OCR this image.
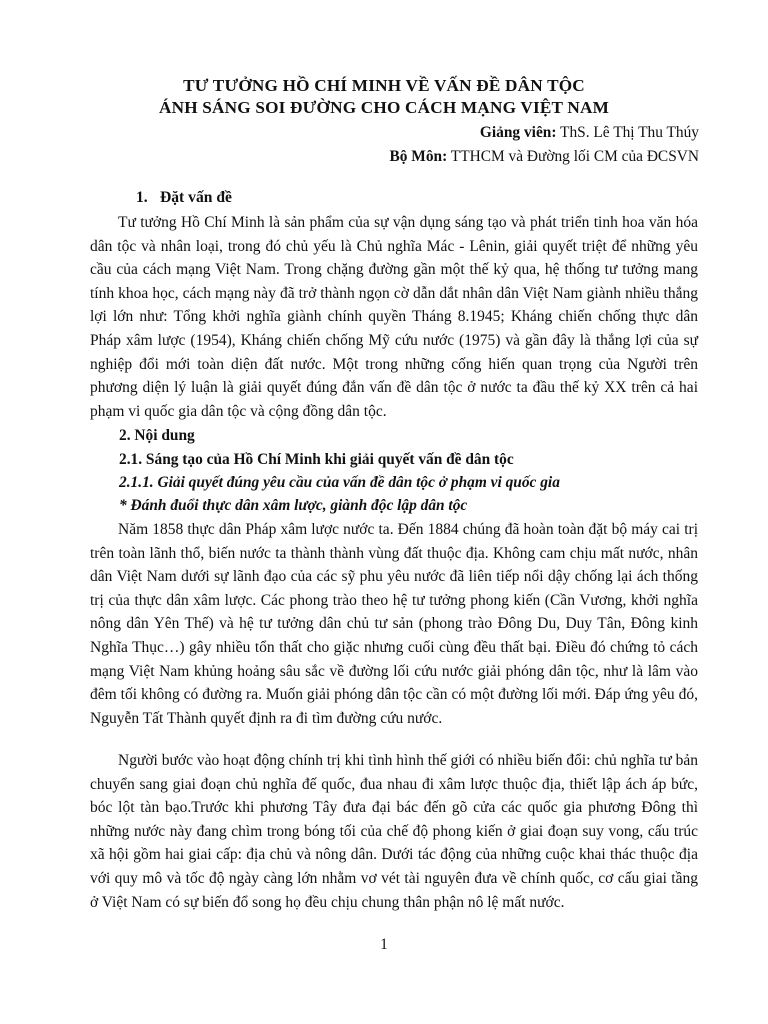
TƯ TƯỞNG HỒ CHÍ MINH VỀ VẤN ĐỀ DÂN TỘC
ÁNH SÁNG SOI ĐƯỜNG CHO CÁCH MẠNG VIỆT NAM
Giảng viên: ThS. Lê Thị Thu Thúy
Bộ Môn: TTHCM và Đường lối CM của ĐCSVN
1. Đặt vấn đề

Tư tưởng Hồ Chí Minh là sản phẩm của sự vận dụng sáng tạo và phát triển tinh hoa văn hóa dân tộc và nhân loại, trong đó chủ yếu là Chủ nghĩa Mác - Lênin, giải quyết triệt để những yêu cầu của cách mạng Việt Nam. Trong chặng đường gần một thế kỷ qua, hệ thống tư tưởng mang tính khoa học, cách mạng này đã trở thành ngọn cờ dẫn dắt nhân dân Việt Nam giành nhiều thắng lợi lớn như: Tổng khởi nghĩa giành chính quyền Tháng 8.1945; Kháng chiến chống thực dân Pháp xâm lược (1954), Kháng chiến chống Mỹ cứu nước (1975) và gần đây là thắng lợi của sự nghiệp đổi mới toàn diện đất nước. Một trong những cống hiến quan trọng của Người trên phương diện lý luận là giải quyết đúng đắn vấn đề dân tộc ở nước ta đầu thế kỷ XX trên cả hai phạm vi quốc gia dân tộc và cộng đồng dân tộc.

2. Nội dung
2.1. Sáng tạo của Hồ Chí Minh khi giải quyết vấn đề dân tộc
2.1.1. Giải quyết đúng yêu cầu của vấn đề dân tộc ở phạm vi quốc gia
* Đánh đuổi thực dân xâm lược, giành độc lập dân tộc

Năm 1858 thực dân Pháp xâm lược nước ta. Đến 1884 chúng đã hoàn toàn đặt bộ máy cai trị trên toàn lãnh thổ, biến nước ta thành thành vùng đất thuộc địa. Không cam chịu mất nước, nhân dân Việt Nam dưới sự lãnh đạo của các sỹ phu yêu nước đã liên tiếp nổi dậy chống lại ách thống trị của thực dân xâm lược. Các phong trào theo hệ tư tưởng phong kiến (Cần Vương, khởi nghĩa nông dân Yên Thế) và hệ tư tưởng dân chủ tư sản (phong trào Đông Du, Duy Tân, Đông kinh Nghĩa Thục…) gây nhiều tổn thất cho giặc nhưng cuối cùng đều thất bại. Điều đó chứng tỏ cách mạng Việt Nam khủng hoảng sâu sắc về đường lối cứu nước giải phóng dân tộc, như là lâm vào đêm tối không có đường ra. Muốn giải phóng dân tộc cần có một đường lối mới. Đáp ứng yêu đó, Nguyễn Tất Thành quyết định ra đi tìm đường cứu nước.

Người bước vào hoạt động chính trị khi tình hình thế giới có nhiều biến đổi: chủ nghĩa tư bản chuyển sang giai đoạn chủ nghĩa đế quốc, đua nhau đi xâm lược thuộc địa, thiết lập ách áp bức, bóc lột tàn bạo.Trước khi phương Tây đưa đại bác đến gõ cửa các quốc gia phương Đông thì những nước này đang chìm trong bóng tối của chế độ phong kiến ở giai đoạn suy vong, cấu trúc xã hội gồm hai giai cấp: địa chủ và nông dân. Dưới tác động của những cuộc khai thác thuộc địa với quy mô và tốc độ ngày càng lớn nhằm vơ vét tài nguyên đưa về chính quốc, cơ cấu giai tầng ở Việt Nam có sự biến đổ song họ đều chịu chung thân phận nô lệ mất nước.

1
